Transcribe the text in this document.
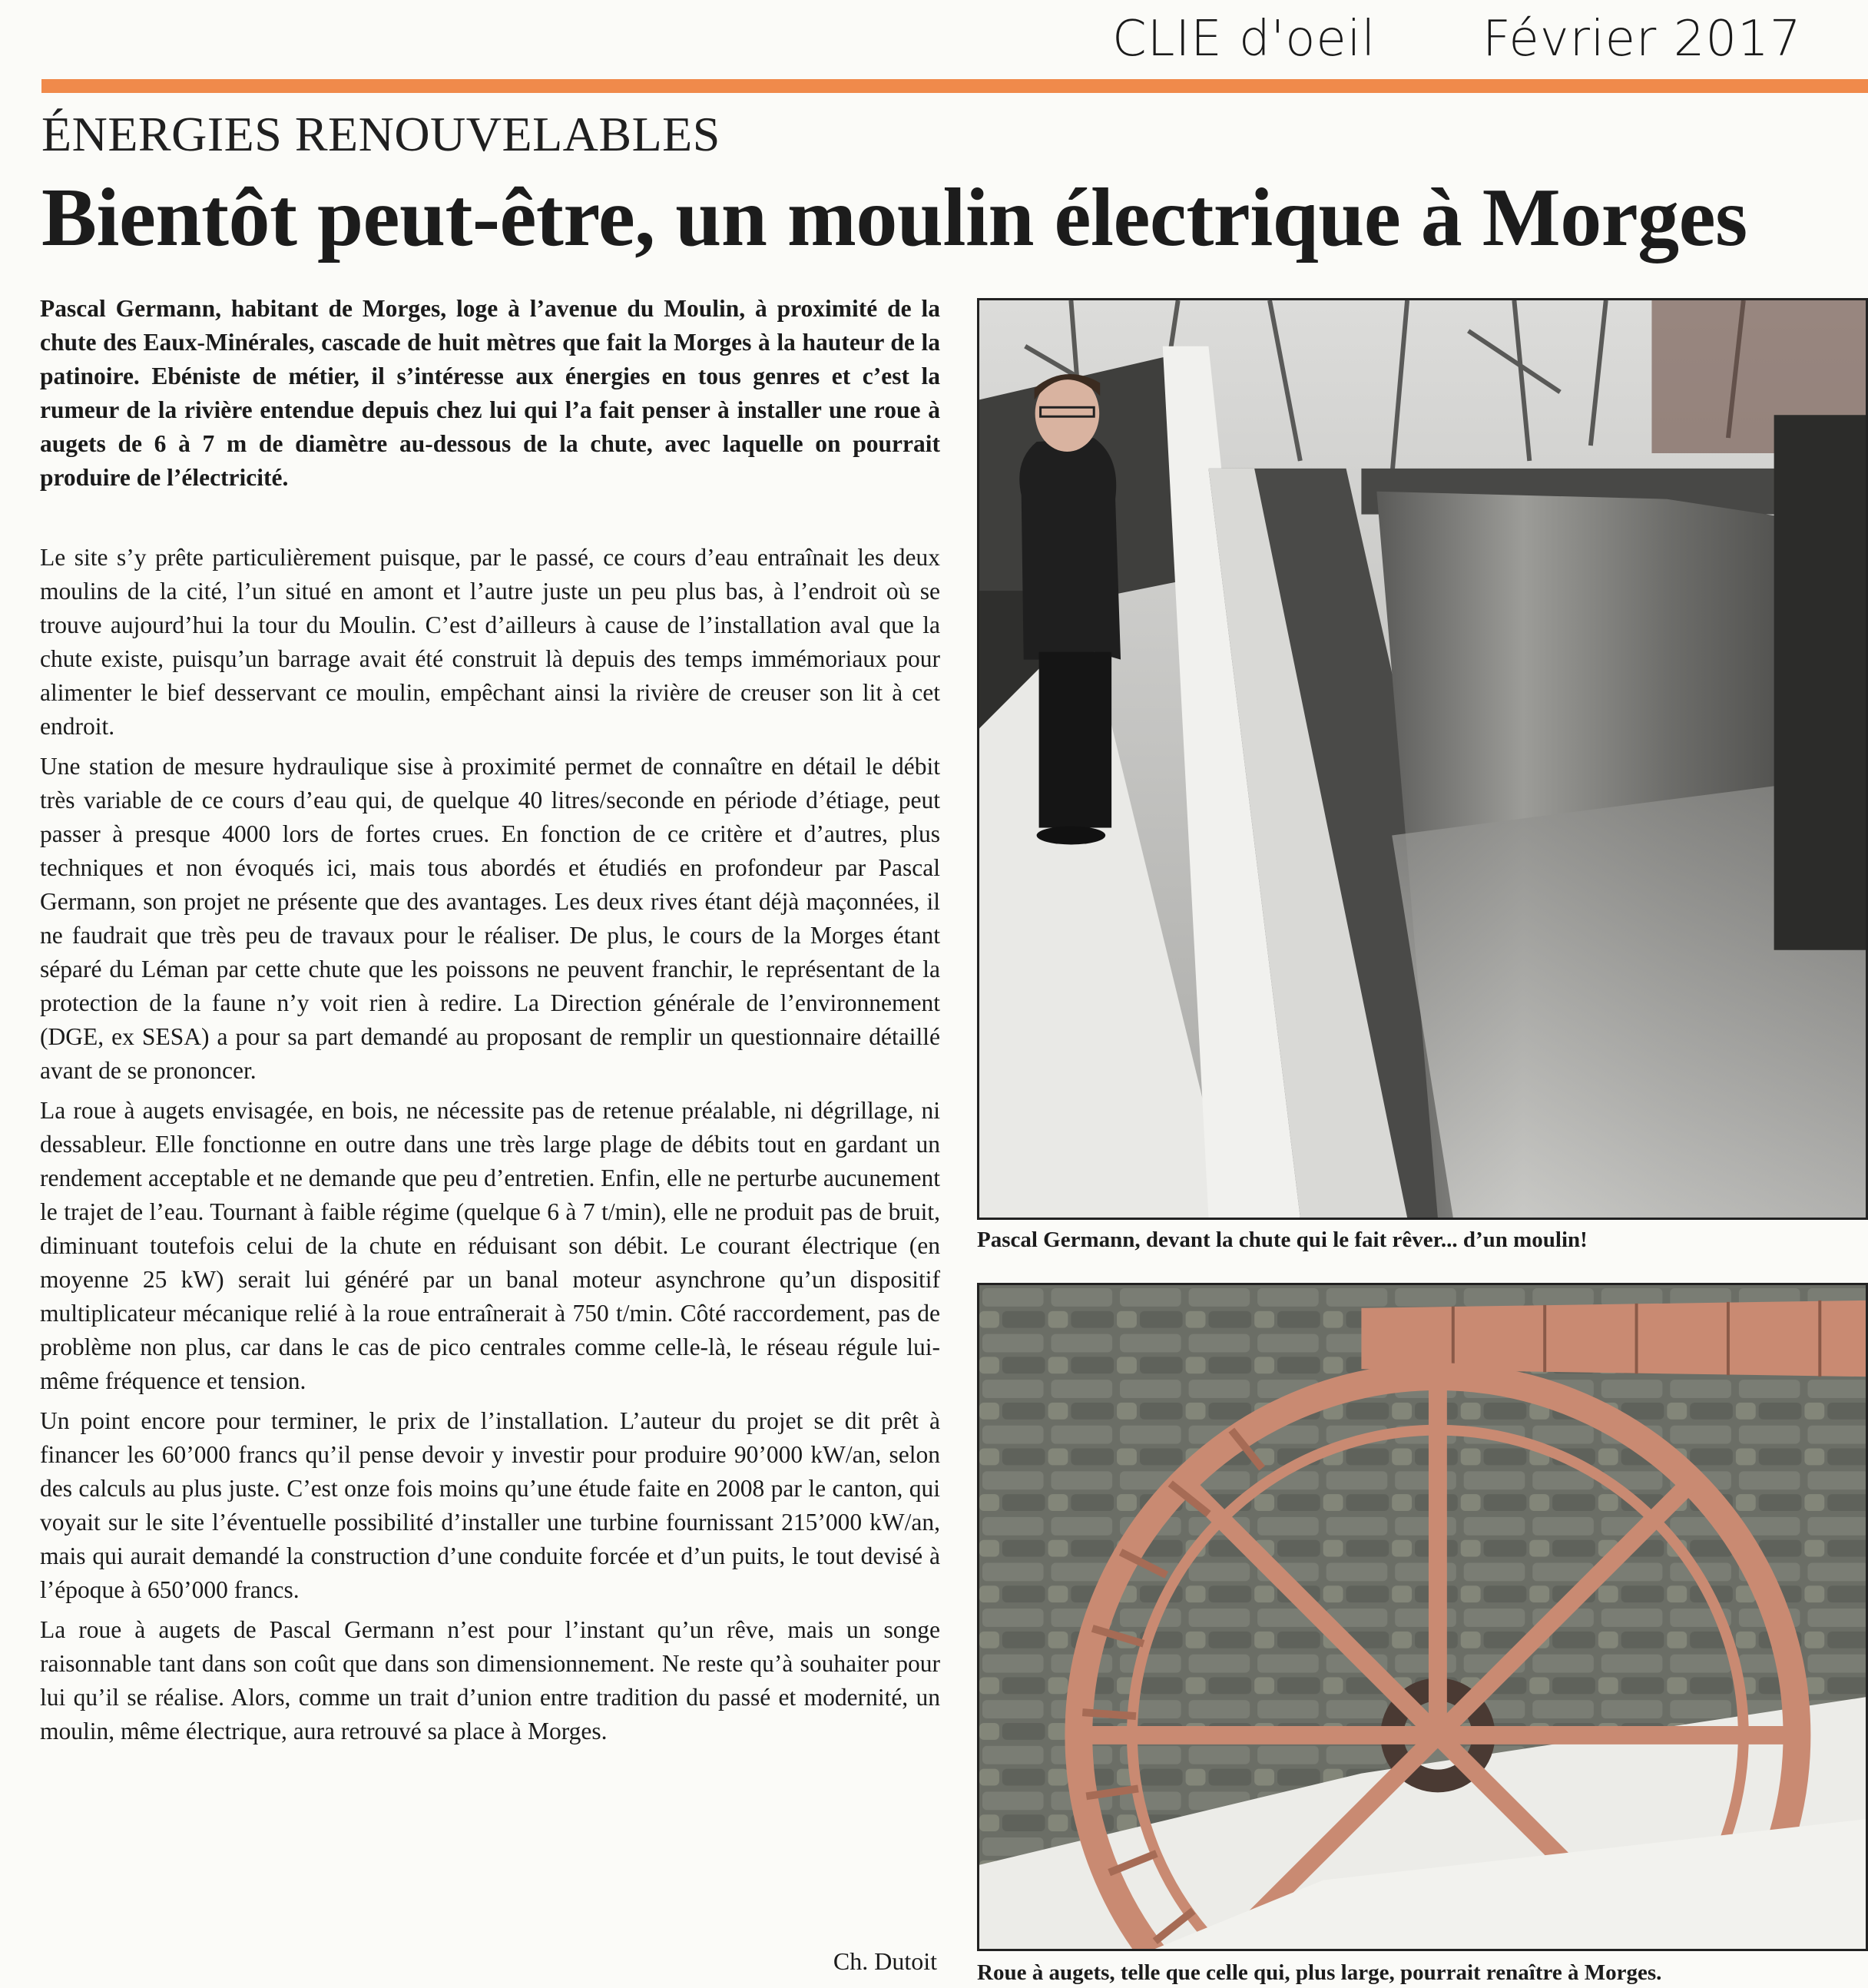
CLIE d'oeil Février 2017
ÉNERGIES RENOUVELABLES
Bientôt peut-être, un moulin électrique à Morges

Pascal Germann, habitant de Morges, loge à l’avenue du Moulin, à proximité de la chute des Eaux-Minérales, cascade de huit mètres que fait la Morges à la hauteur de la patinoire. Ebéniste de métier, il s’intéresse aux énergies en tous genres et c’est la rumeur de la rivière entendue depuis chez lui qui l’a fait penser à installer une roue à augets de 6 à 7 m de diamètre au-dessous de la chute, avec laquelle on pourrait produire de l’électricité.

Le site s’y prête particulièrement puisque, par le passé, ce cours d’eau entraînait les deux moulins de la cité, l’un situé en amont et l’autre juste un peu plus bas, à l’endroit où se trouve aujourd’hui la tour du Moulin. C’est d’ailleurs à cause de l’installation aval que la chute existe, puisqu’un barrage avait été construit là depuis des temps immémoriaux pour alimenter le bief desservant ce moulin, empêchant ainsi la rivière de creuser son lit à cet endroit.

Une station de mesure hydraulique sise à proximité permet de connaître en détail le débit très variable de ce cours d’eau qui, de quelque 40 litres/seconde en période d’étiage, peut passer à presque 4000 lors de fortes crues. En fonction de ce critère et d’autres, plus techniques et non évoqués ici, mais tous abordés et étudiés en profondeur par Pascal Germann, son projet ne présente que des avantages. Les deux rives étant déjà maçonnées, il ne faudrait que très peu de travaux pour le réaliser. De plus, le cours de la Morges étant séparé du Léman par cette chute que les poissons ne peuvent franchir, le représentant de la protection de la faune n’y voit rien à redire. La Direction générale de l’environnement (DGE, ex SESA) a pour sa part demandé au proposant de remplir un questionnaire détaillé avant de se prononcer.

La roue à augets envisagée, en bois, ne nécessite pas de retenue préalable, ni dégrillage, ni dessableur. Elle fonctionne en outre dans une très large plage de débits tout en gardant un rendement acceptable et ne demande que peu d’entretien. Enfin, elle ne perturbe aucunement le trajet de l’eau. Tournant à faible régime (quelque 6 à 7 t/min), elle ne produit pas de bruit, diminuant toutefois celui de la chute en réduisant son débit. Le courant électrique (en moyenne 25 kW) serait lui généré par un banal moteur asynchrone qu’un dispositif multiplicateur mécanique relié à la roue entraînerait à 750 t/min. Côté raccordement, pas de problème non plus, car dans le cas de pico centrales comme celle-là, le réseau régule lui-même fréquence et tension.

Un point encore pour terminer, le prix de l’installation. L’auteur du projet se dit prêt à financer les 60’000 francs qu’il pense devoir y investir pour produire 90’000 kW/an, selon des calculs au plus juste. C’est onze fois moins qu’une étude faite en 2008 par le canton, qui voyait sur le site l’éventuelle possibilité d’installer une turbine fournissant 215’000 kW/an, mais qui aurait demandé la construction d’une conduite forcée et d’un puits, le tout devisé à l’époque à 650’000 francs.

La roue à augets de Pascal Germann n’est pour l’instant qu’un rêve, mais un songe raisonnable tant dans son coût que dans son dimensionnement. Ne reste qu’à souhaiter pour lui qu’il se réalise. Alors, comme un trait d’union entre tradition du passé et modernité, un moulin, même électrique, aura retrouvé sa place à Morges.

Ch. Dutoit
Pascal Germann, devant la chute qui le fait rêver... d’un moulin!
Roue à augets, telle que celle qui, plus large, pourrait renaître à Morges.
